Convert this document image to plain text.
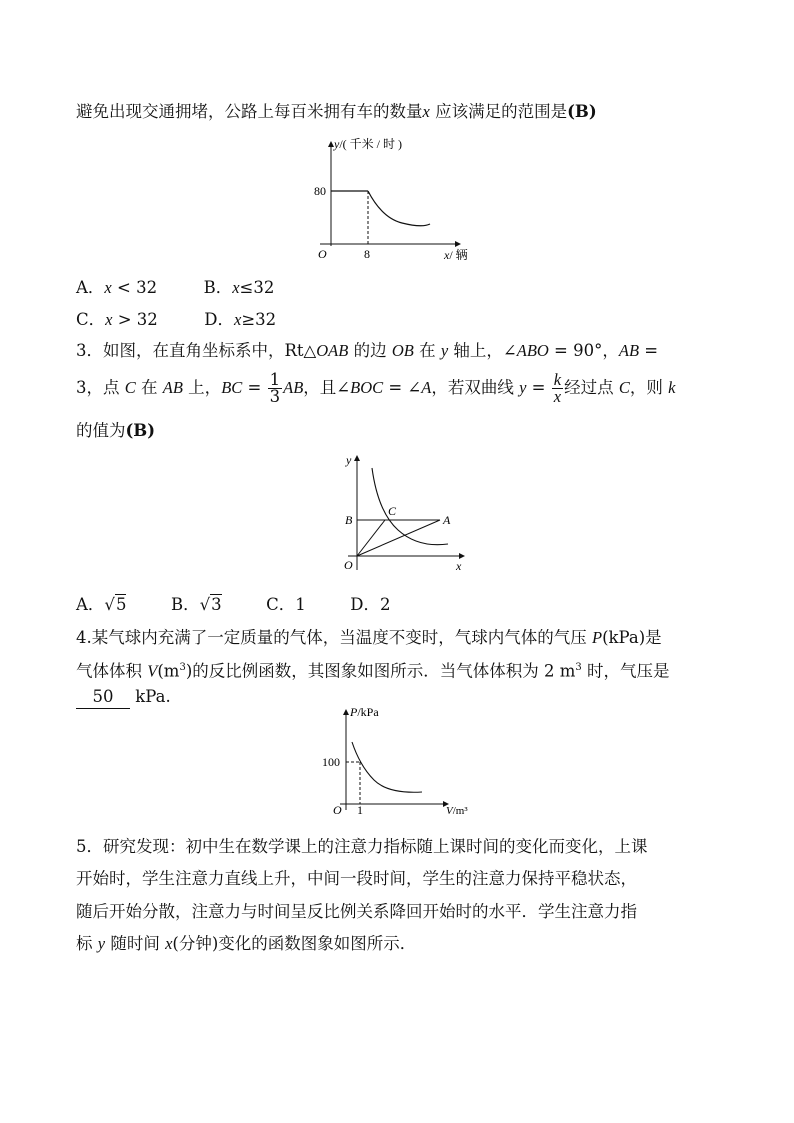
避免出现交通拥堵，公路上每百米拥有车的数量x 应该满足的范围是(B)
y/( 千米 / 时 )
80
O	8	x/ 辆
A．x < 32	B．x≤32
C．x > 32	D．x≥32
3．如图，在直角坐标系中，Rt△OAB 的边 OB 在 y 轴上，∠ABO = 90°，AB =
3，点 C 在 AB 上，BC = $\frac{1}{3}$ AB，且∠BOC = ∠A，若双曲线 $y = \frac{k}{x}$ 经过点 C，则 k
的值为(B)
y
x
O
B
C
A
A．√5	B．√3	C．1	D．2
4.某气球内充满了一定质量的气体，当温度不变时，气球内气体的气压 P(kPa)是
气体体积 $V(m^3)$的反比例函数，其图象如图所示．当气体体积为 2 $m^3$ 时，气压是
50 kPa.
P/kPa
100
O 1	V/m³
5．研究发现：初中生在数学课上的注意力指标随上课时间的变化而变化，上课
开始时，学生注意力直线上升，中间一段时间，学生的注意力保持平稳状态，
随后开始分散，注意力与时间呈反比例关系降回开始时的水平．学生注意力指
标 y 随时间 x(分钟)变化的函数图象如图所示．
